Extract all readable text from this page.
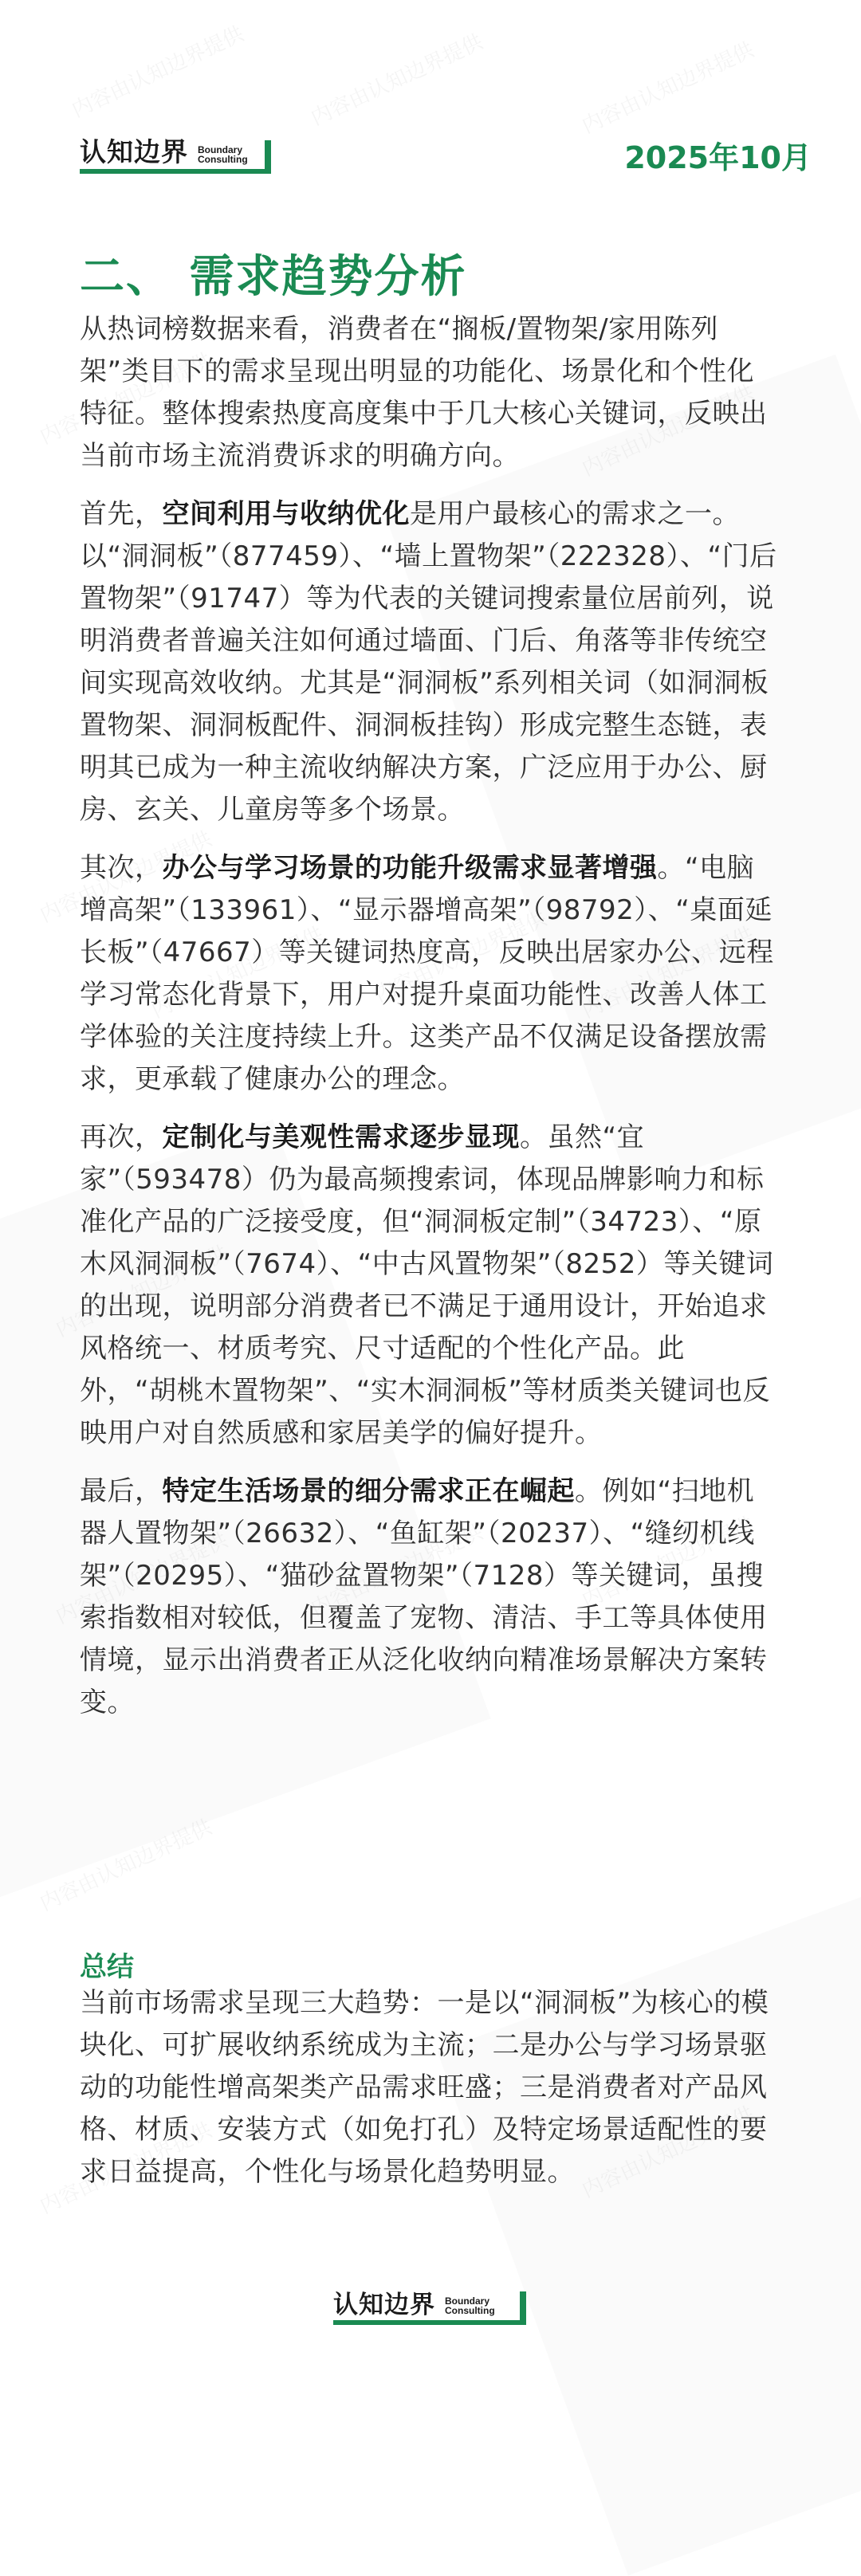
认知边界 Boundary
Consulting	2025年10月
二、 需求趋势分析

从热词榜数据来看，消费者在“搁板/置物架/家用陈列架”类目下的需求呈现出明显的功能化、场景化和个性化特征。整体搜索热度高度集中于几大核心关键词，反映出当前市场主流消费诉求的明确方向。

首先，空间利用与收纳优化是用户最核心的需求之一。以“洞洞板”（877459）、“墙上置物架”（222328）、“门后置物架”（91747）等为代表的关键词搜索量位居前列，说明消费者普遍关注如何通过墙面、门后、角落等非传统空间实现高效收纳。尤其是“洞洞板”系列相关词（如洞洞板置物架、洞洞板配件、洞洞板挂钩）形成完整生态链，表明其已成为一种主流收纳解决方案，广泛应用于办公、厨房、玄关、儿童房等多个场景。

其次，办公与学习场景的功能升级需求显著增强。“电脑增高架”（133961）、“显示器增高架”（98792）、“桌面延长板”（47667）等关键词热度高，反映出居家办公、远程学习常态化背景下，用户对提升桌面功能性、改善人体工学体验的关注度持续上升。这类产品不仅满足设备摆放需求，更承载了健康办公的理念。

再次，定制化与美观性需求逐步显现。虽然“宜家”（593478）仍为最高频搜索词，体现品牌影响力和标准化产品的广泛接受度，但“洞洞板定制”（34723）、“原木风洞洞板”（7674）、“中古风置物架”（8252）等关键词的出现，说明部分消费者已不满足于通用设计，开始追求风格统一、材质考究、尺寸适配的个性化产品。此外，“胡桃木置物架”、“实木洞洞板”等材质类关键词也反映用户对自然质感和家居美学的偏好提升。

最后，特定生活场景的细分需求正在崛起。例如“扫地机器人置物架”（26632）、“鱼缸架”（20237）、“缝纫机线架”（20295）、“猫砂盆置物架”（7128）等关键词，虽搜索指数相对较低，但覆盖了宠物、清洁、手工等具体使用情境，显示出消费者正从泛化收纳向精准场景解决方案转变。

总结

当前市场需求呈现三大趋势：一是以“洞洞板”为核心的模块化、可扩展收纳系统成为主流；二是办公与学习场景驱动的功能性增高架类产品需求旺盛；三是消费者对产品风格、材质、安装方式（如免打孔）及特定场景适配性的要求日益提高，个性化与场景化趋势明显。

认知边界 Boundary
Consulting
